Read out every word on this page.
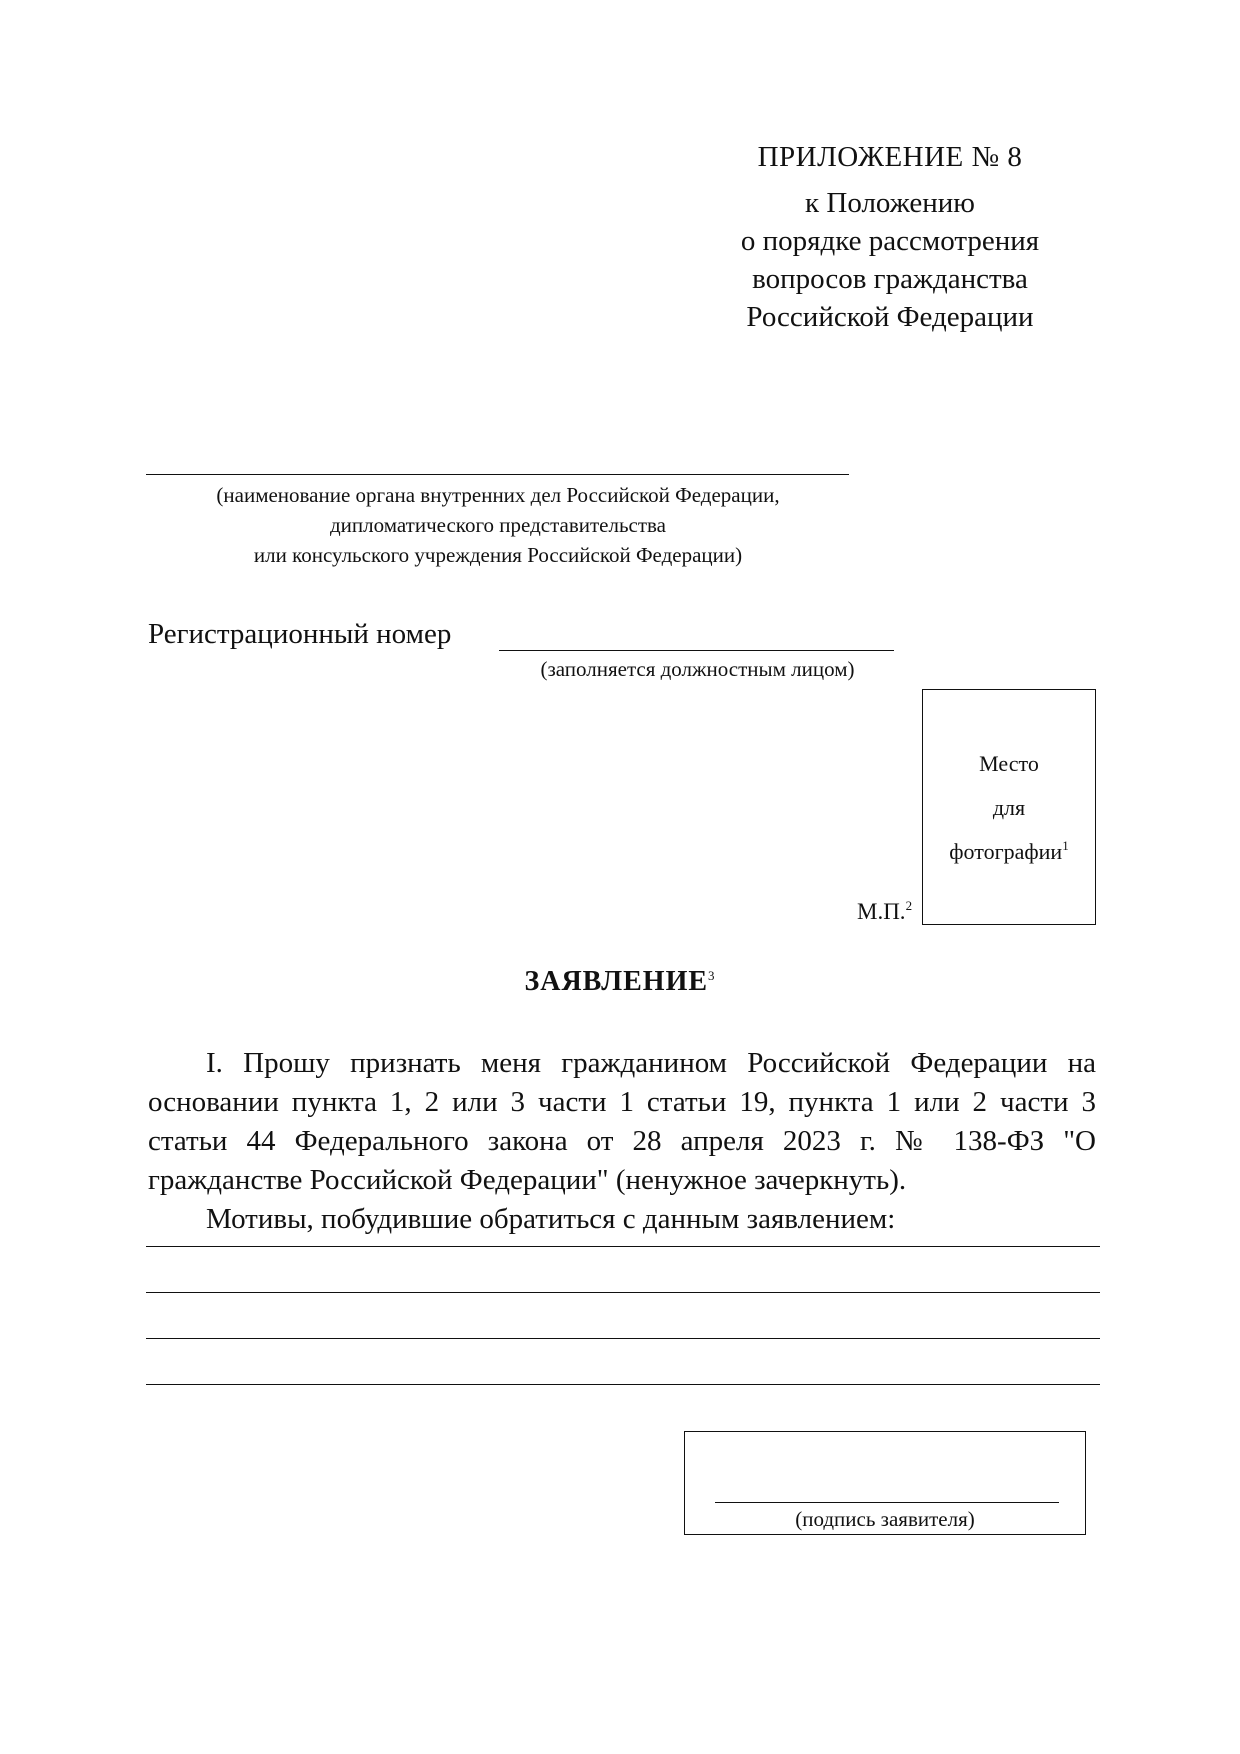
ПРИЛОЖЕНИЕ № 8
к Положению
о порядке рассмотрения
вопросов гражданства
Российской Федерации
(наименование органа внутренних дел Российской Федерации,
дипломатического представительства
или консульского учреждения Российской Федерации)
Регистрационный номер
(заполняется должностным лицом)
Место
для
фотографии$^1$
М.П.$^2$
ЗАЯВЛЕНИЕ$^3$

I. Прошу признать меня гражданином Российской Федерации на основании пункта 1, 2 или 3 части 1 статьи 19, пункта 1 или 2 части 3 статьи 44 Федерального закона от 28 апреля 2023 г. № 138-ФЗ "О гражданстве Российской Федерации" (ненужное зачеркнуть).

Мотивы, побудившие обратиться с данным заявлением:

(подпись заявителя)
